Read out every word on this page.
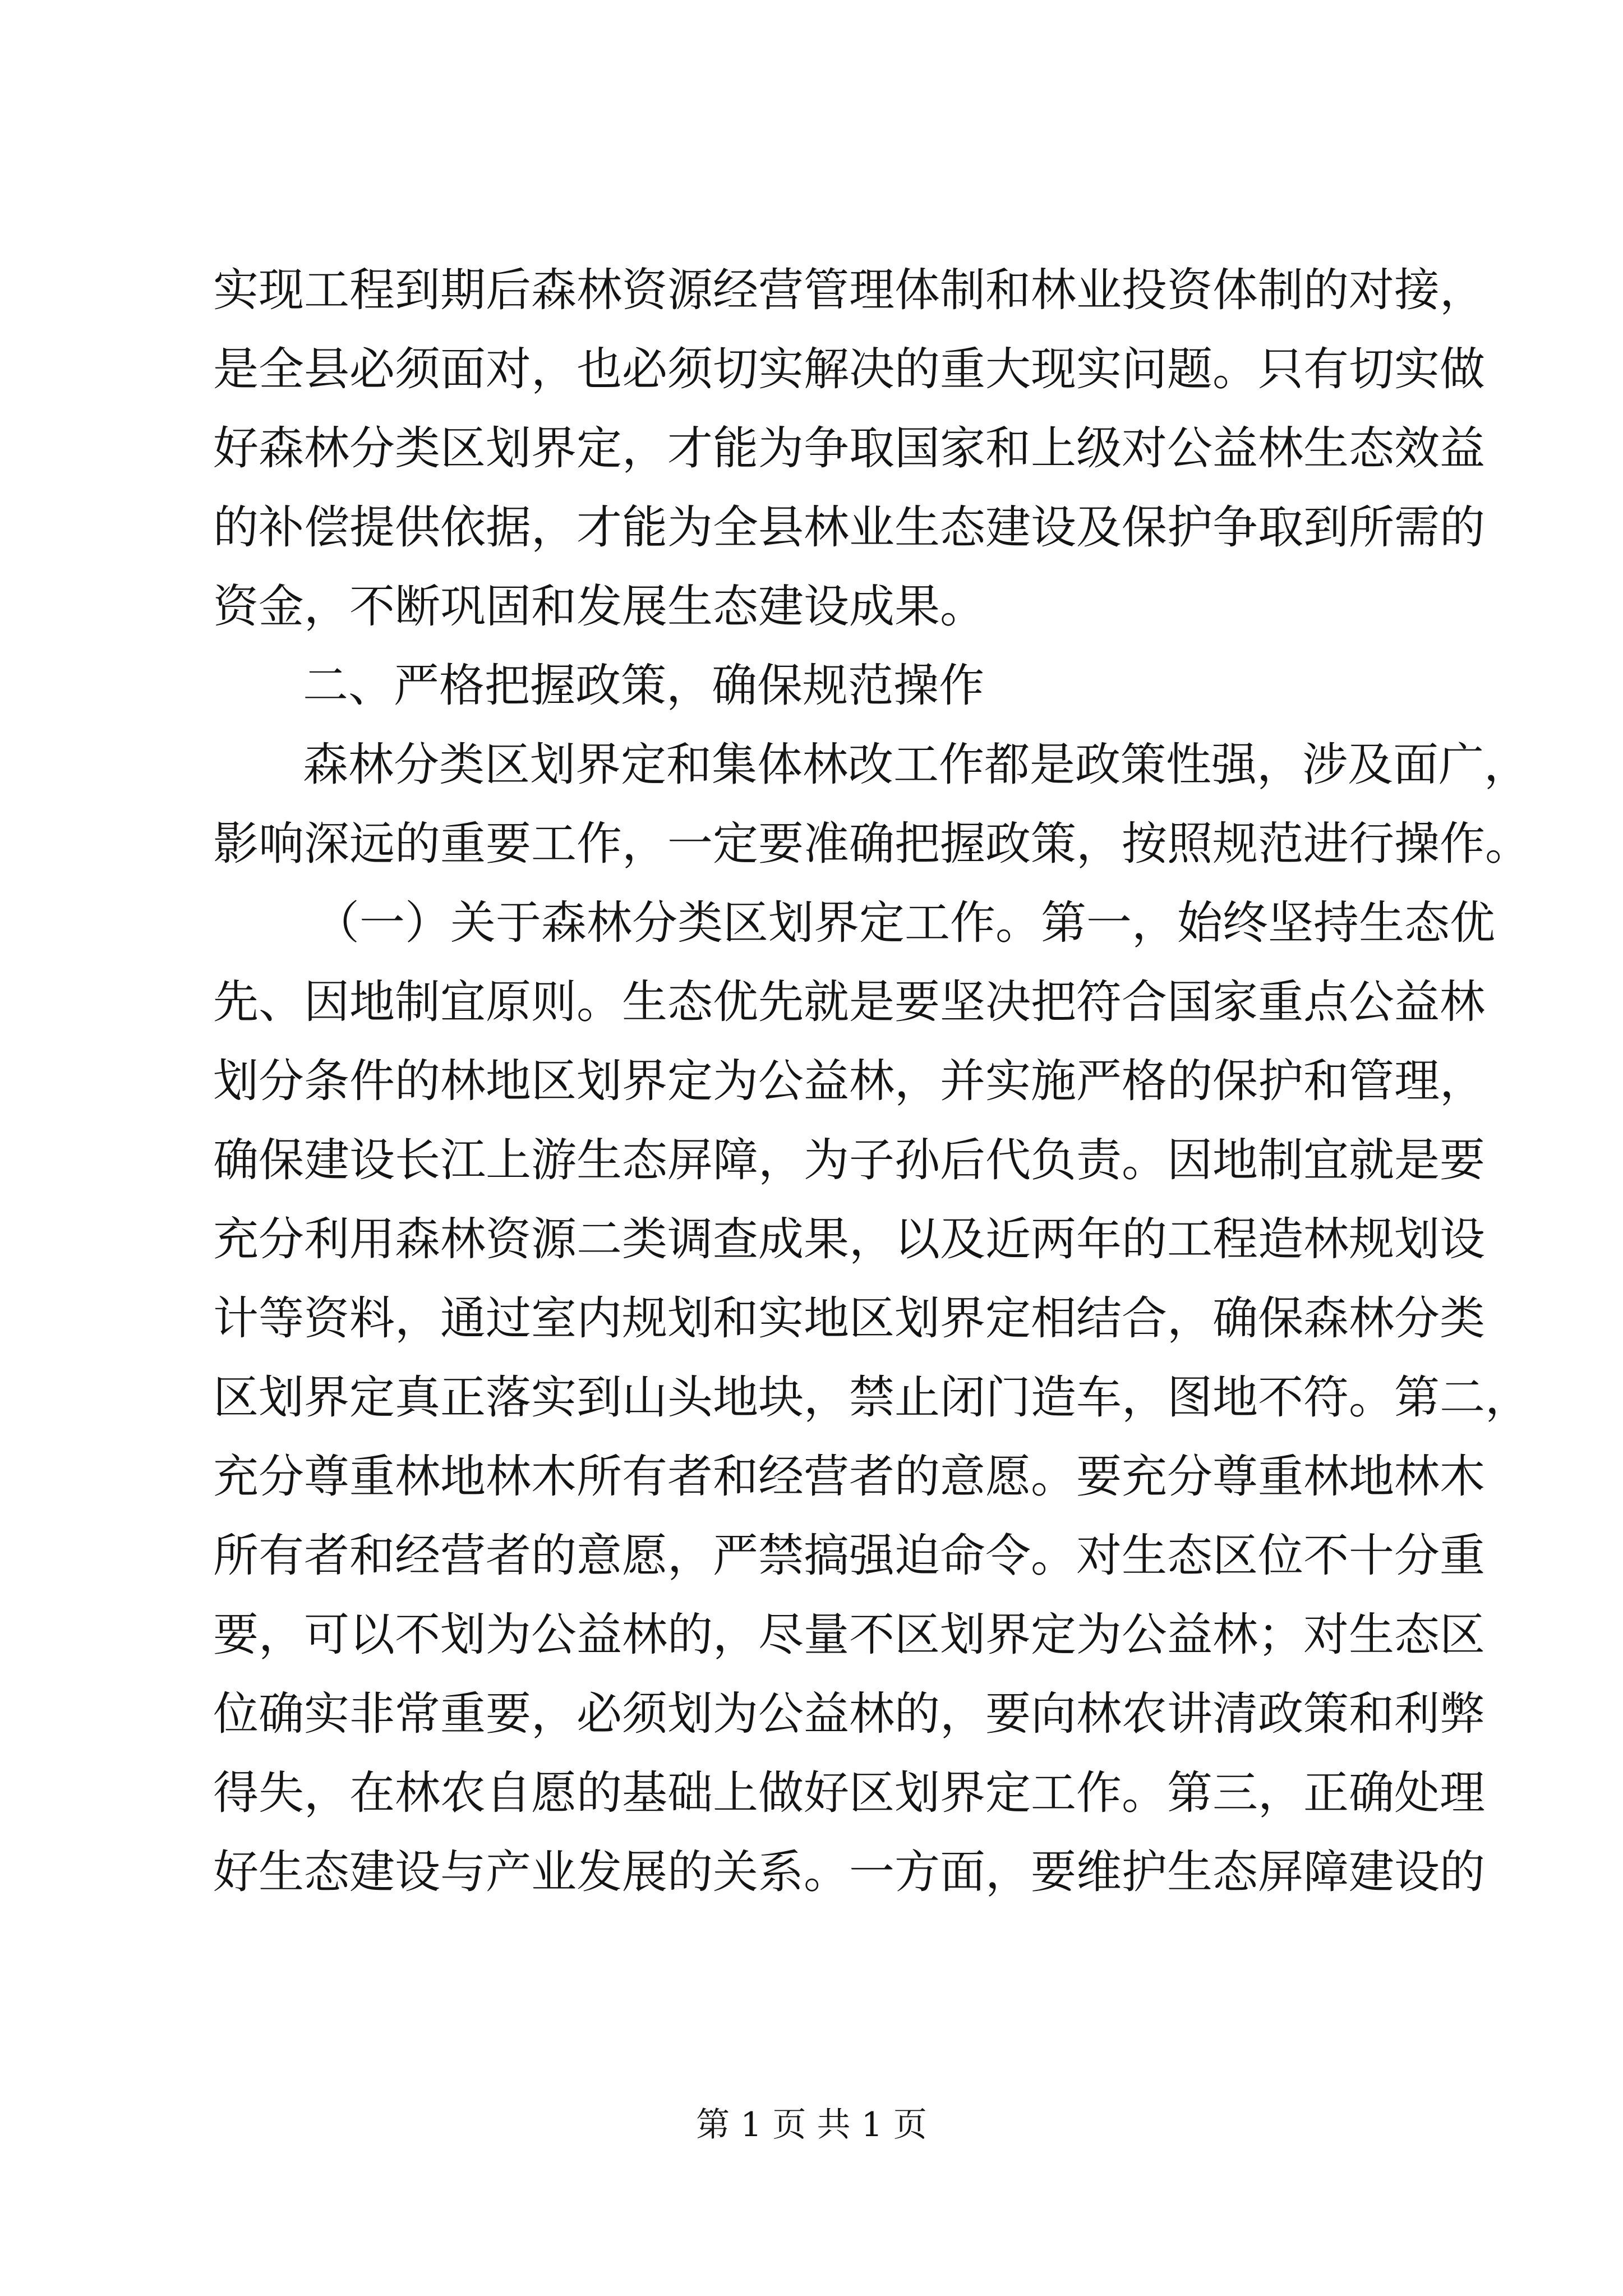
实现工程到期后森林资源经营管理体制和林业投资体制的对接，
是全县必须面对，也必须切实解决的重大现实问题。只有切实做
好森林分类区划界定，才能为争取国家和上级对公益林生态效益
的补偿提供依据，才能为全县林业生态建设及保护争取到所需的
资金，不断巩固和发展生态建设成果。
二、严格把握政策，确保规范操作
森林分类区划界定和集体林改工作都是政策性强，涉及面广，
影响深远的重要工作，一定要准确把握政策，按照规范进行操作。
（一）关于森林分类区划界定工作。第一，始终坚持生态优
先、因地制宜原则。生态优先就是要坚决把符合国家重点公益林
划分条件的林地区划界定为公益林，并实施严格的保护和管理，
确保建设长江上游生态屏障，为子孙后代负责。因地制宜就是要
充分利用森林资源二类调查成果，以及近两年的工程造林规划设
计等资料，通过室内规划和实地区划界定相结合，确保森林分类
区划界定真正落实到山头地块，禁止闭门造车，图地不符。第二，
充分尊重林地林木所有者和经营者的意愿。要充分尊重林地林木
所有者和经营者的意愿，严禁搞强迫命令。对生态区位不十分重
要，可以不划为公益林的，尽量不区划界定为公益林；对生态区
位确实非常重要，必须划为公益林的，要向林农讲清政策和利弊
得失，在林农自愿的基础上做好区划界定工作。第三，正确处理
好生态建设与产业发展的关系。一方面，要维护生态屏障建设的
第 1 页 共 1 页
